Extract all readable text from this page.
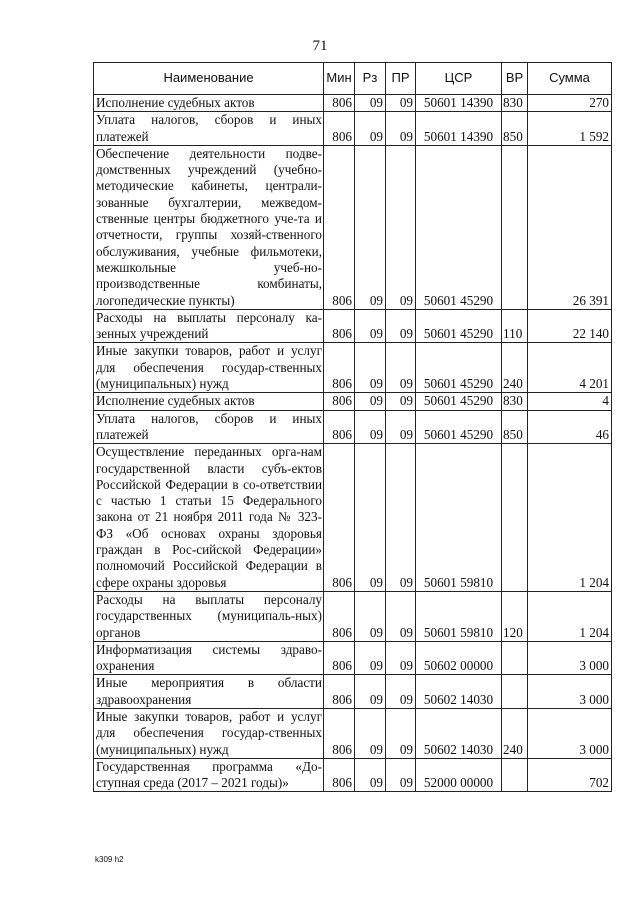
71
Наименование	Мин	Рз	ПР	ЦСР	ВР	Сумма
Исполнение судебных актов	806	09	09	50601 14390	830	270
Уплата налогов, сборов и иных платежей	806	09	09	50601 14390	850	1 592
Обеспечение деятельности подве-домственных учреждений (учебно-методические кабинеты, централи-зованные бухгалтерии, межведом-ственные центры бюджетного уче-та и отчетности, группы хозяй-ственного обслуживания, учебные фильмотеки, межшкольные учеб-но-производственные комбинаты, логопедические пункты)	806	09	09	50601 45290		26 391
Расходы на выплаты персоналу ка-зенных учреждений	806	09	09	50601 45290	110	22 140
Иные закупки товаров, работ и услуг для обеспечения государ-ственных (муниципальных) нужд	806	09	09	50601 45290	240	4 201
Исполнение судебных актов	806	09	09	50601 45290	830	4
Уплата налогов, сборов и иных платежей	806	09	09	50601 45290	850	46
Осуществление переданных орга-нам государственной власти субъ-ектов Российской Федерации в со-ответствии с частью 1 статьи 15 Федерального закона от 21 ноября 2011 года № 323-ФЗ «Об основах охраны здоровья граждан в Рос-сийской Федерации» полномочий Российской Федерации в сфере охраны здоровья	806	09	09	50601 59810		1 204
Расходы на выплаты персоналу государственных (муниципаль-ных) органов	806	09	09	50601 59810	120	1 204
Информатизация системы здраво-охранения	806	09	09	50602 00000		3 000
Иные мероприятия в области здравоохранения	806	09	09	50602 14030		3 000
Иные закупки товаров, работ и услуг для обеспечения государ-ственных (муниципальных) нужд	806	09	09	50602 14030	240	3 000
Государственная программа «До-ступная среда (2017 – 2021 годы)»	806	09	09	52000 00000		702
k309 h2
